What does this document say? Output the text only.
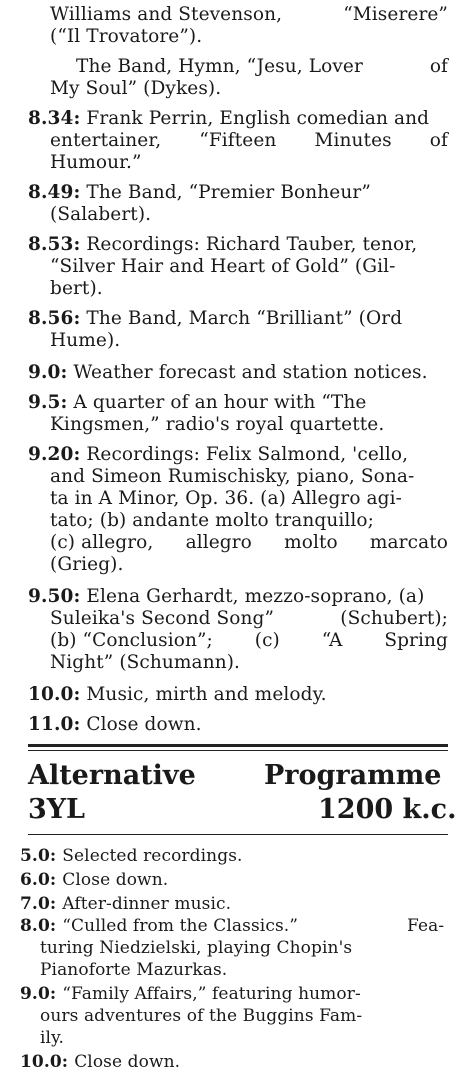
Williams and Stevenson,	“Miserere”
(“Il Trovatore”).
The Band, Hymn, “Jesu, Lover	of
My Soul” (Dykes).
8.34: Frank Perrin, English comedian and
entertainer, “Fifteen Minutes of
Humour.”
8.49: The Band, “Premier Bonheur”
(Salabert).
8.53: Recordings: Richard Tauber, tenor,
“Silver Hair and Heart of Gold” (Gil-
bert).
8.56: The Band, March “Brilliant” (Ord
Hume).
9.0: Weather forecast and station notices.
9.5: A quarter of an hour with “The
Kingsmen,” radio's royal quartette.
9.20: Recordings: Felix Salmond, 'cello,
and Simeon Rumischisky, piano, Sona-
ta in A Minor, Op. 36. (a) Allegro agi-
tato; (b) andante molto tranquillo;
(c) allegro, allegro molto marcato
(Grieg).
9.50: Elena Gerhardt, mezzo-soprano, (a)
Suleika's Second Song”	(Schubert);
(b) “Conclusion”; (c) “A Spring
Night” (Schumann).
10.0: Music, mirth and melody.
11.0: Close down.
Alternative	Programme
3YL	1200 k.c.
5.0: Selected recordings.
6.0: Close down.
7.0: After-dinner music.
8.0: “Culled from the Classics.”	Fea-
turing Niedzielski, playing Chopin's
Pianoforte Mazurkas.
9.0: “Family Affairs,” featuring humor-
ours adventures of the Buggins Fam-
ily.
10.0: Close down.
